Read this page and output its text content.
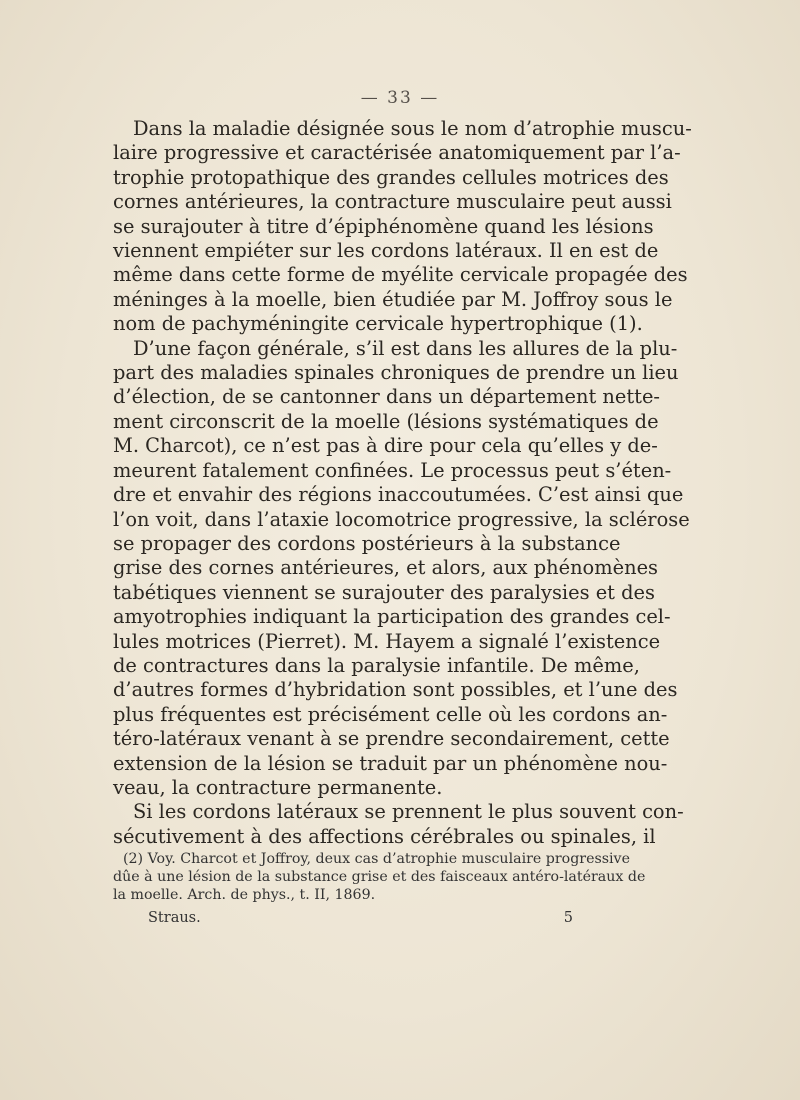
— 33 —
Dans la maladie désignée sous le nom d’atrophie muscu-
laire progressive et caractérisée anatomiquement par l’a-
trophie protopathique des grandes cellules motrices des
cornes antérieures, la contracture musculaire peut aussi
se surajouter à titre d’épiphénomène quand les lésions
viennent empiéter sur les cordons latéraux. Il en est de
même dans cette forme de myélite cervicale propagée des
méninges à la moelle, bien étudiée par M. Joffroy sous le
nom de pachyméningite cervicale hypertrophique (1).
D’une façon générale, s’il est dans les allures de la plu-
part des maladies spinales chroniques de prendre un lieu
d’élection, de se cantonner dans un département nette-
ment circonscrit de la moelle (lésions systématiques de
M. Charcot), ce n’est pas à dire pour cela qu’elles y de-
meurent fatalement confinées. Le processus peut s’éten-
dre et envahir des régions inaccoutumées. C’est ainsi que
l’on voit, dans l’ataxie locomotrice progressive, la sclérose
se propager des cordons postérieurs à la substance
grise des cornes antérieures, et alors, aux phénomènes
tabétiques viennent se surajouter des paralysies et des
amyotrophies indiquant la participation des grandes cel-
lules motrices (Pierret). M. Hayem a signalé l’existence
de contractures dans la paralysie infantile. De même,
d’autres formes d’hybridation sont possibles, et l’une des
plus fréquentes est précisément celle où les cordons an-
téro-latéraux venant à se prendre secondairement, cette
extension de la lésion se traduit par un phénomène nou-
veau, la contracture permanente.
Si les cordons latéraux se prennent le plus souvent con-
sécutivement à des affections cérébrales ou spinales, il
(2) Voy. Charcot et Joffroy, deux cas d’atrophie musculaire progressive
dûe à une lésion de la substance grise et des faisceaux antéro-latéraux de
la moelle. Arch. de phys., t. II, 1869.
Straus.	5
